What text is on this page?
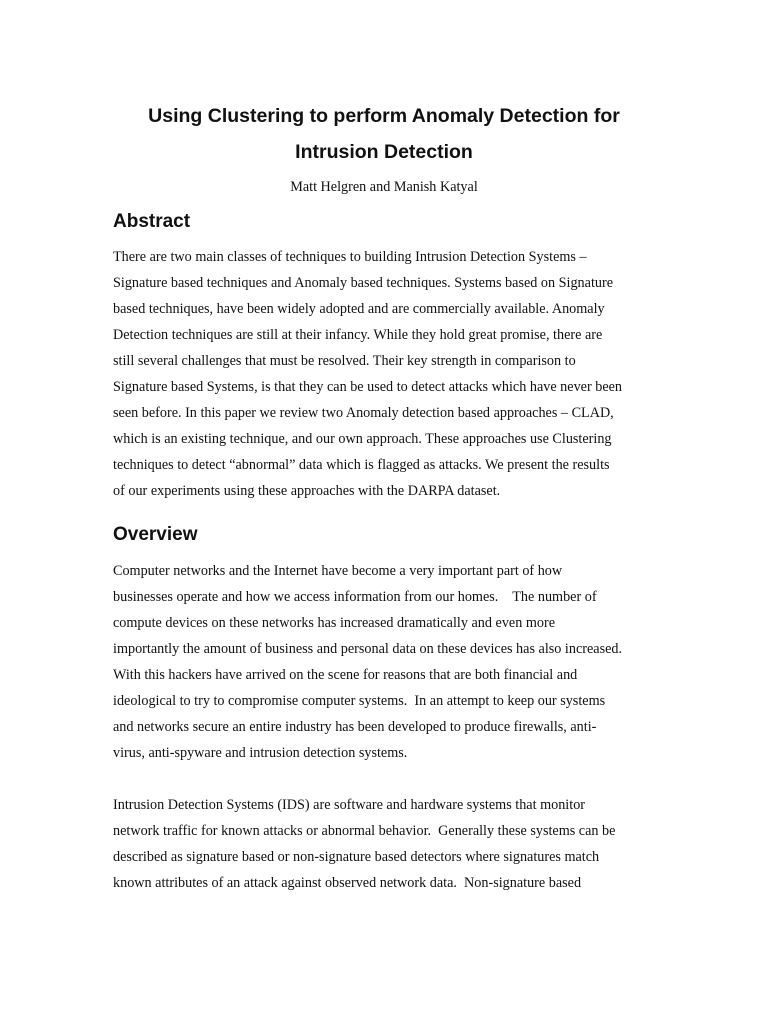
Using Clustering to perform Anomaly Detection for
Intrusion Detection
Matt Helgren and Manish Katyal
Abstract
There are two main classes of techniques to building Intrusion Detection Systems –
Signature based techniques and Anomaly based techniques. Systems based on Signature
based techniques, have been widely adopted and are commercially available. Anomaly
Detection techniques are still at their infancy. While they hold great promise, there are
still several challenges that must be resolved. Their key strength in comparison to
Signature based Systems, is that they can be used to detect attacks which have never been
seen before. In this paper we review two Anomaly detection based approaches – CLAD,
which is an existing technique, and our own approach. These approaches use Clustering
techniques to detect “abnormal” data which is flagged as attacks. We present the results
of our experiments using these approaches with the DARPA dataset.
Overview
Computer networks and the Internet have become a very important part of how
businesses operate and how we access information from our homes.    The number of
compute devices on these networks has increased dramatically and even more
importantly the amount of business and personal data on these devices has also increased.
With this hackers have arrived on the scene for reasons that are both financial and
ideological to try to compromise computer systems.  In an attempt to keep our systems
and networks secure an entire industry has been developed to produce firewalls, anti-
virus, anti-spyware and intrusion detection systems.
Intrusion Detection Systems (IDS) are software and hardware systems that monitor
network traffic for known attacks or abnormal behavior.  Generally these systems can be
described as signature based or non-signature based detectors where signatures match
known attributes of an attack against observed network data.  Non-signature based
